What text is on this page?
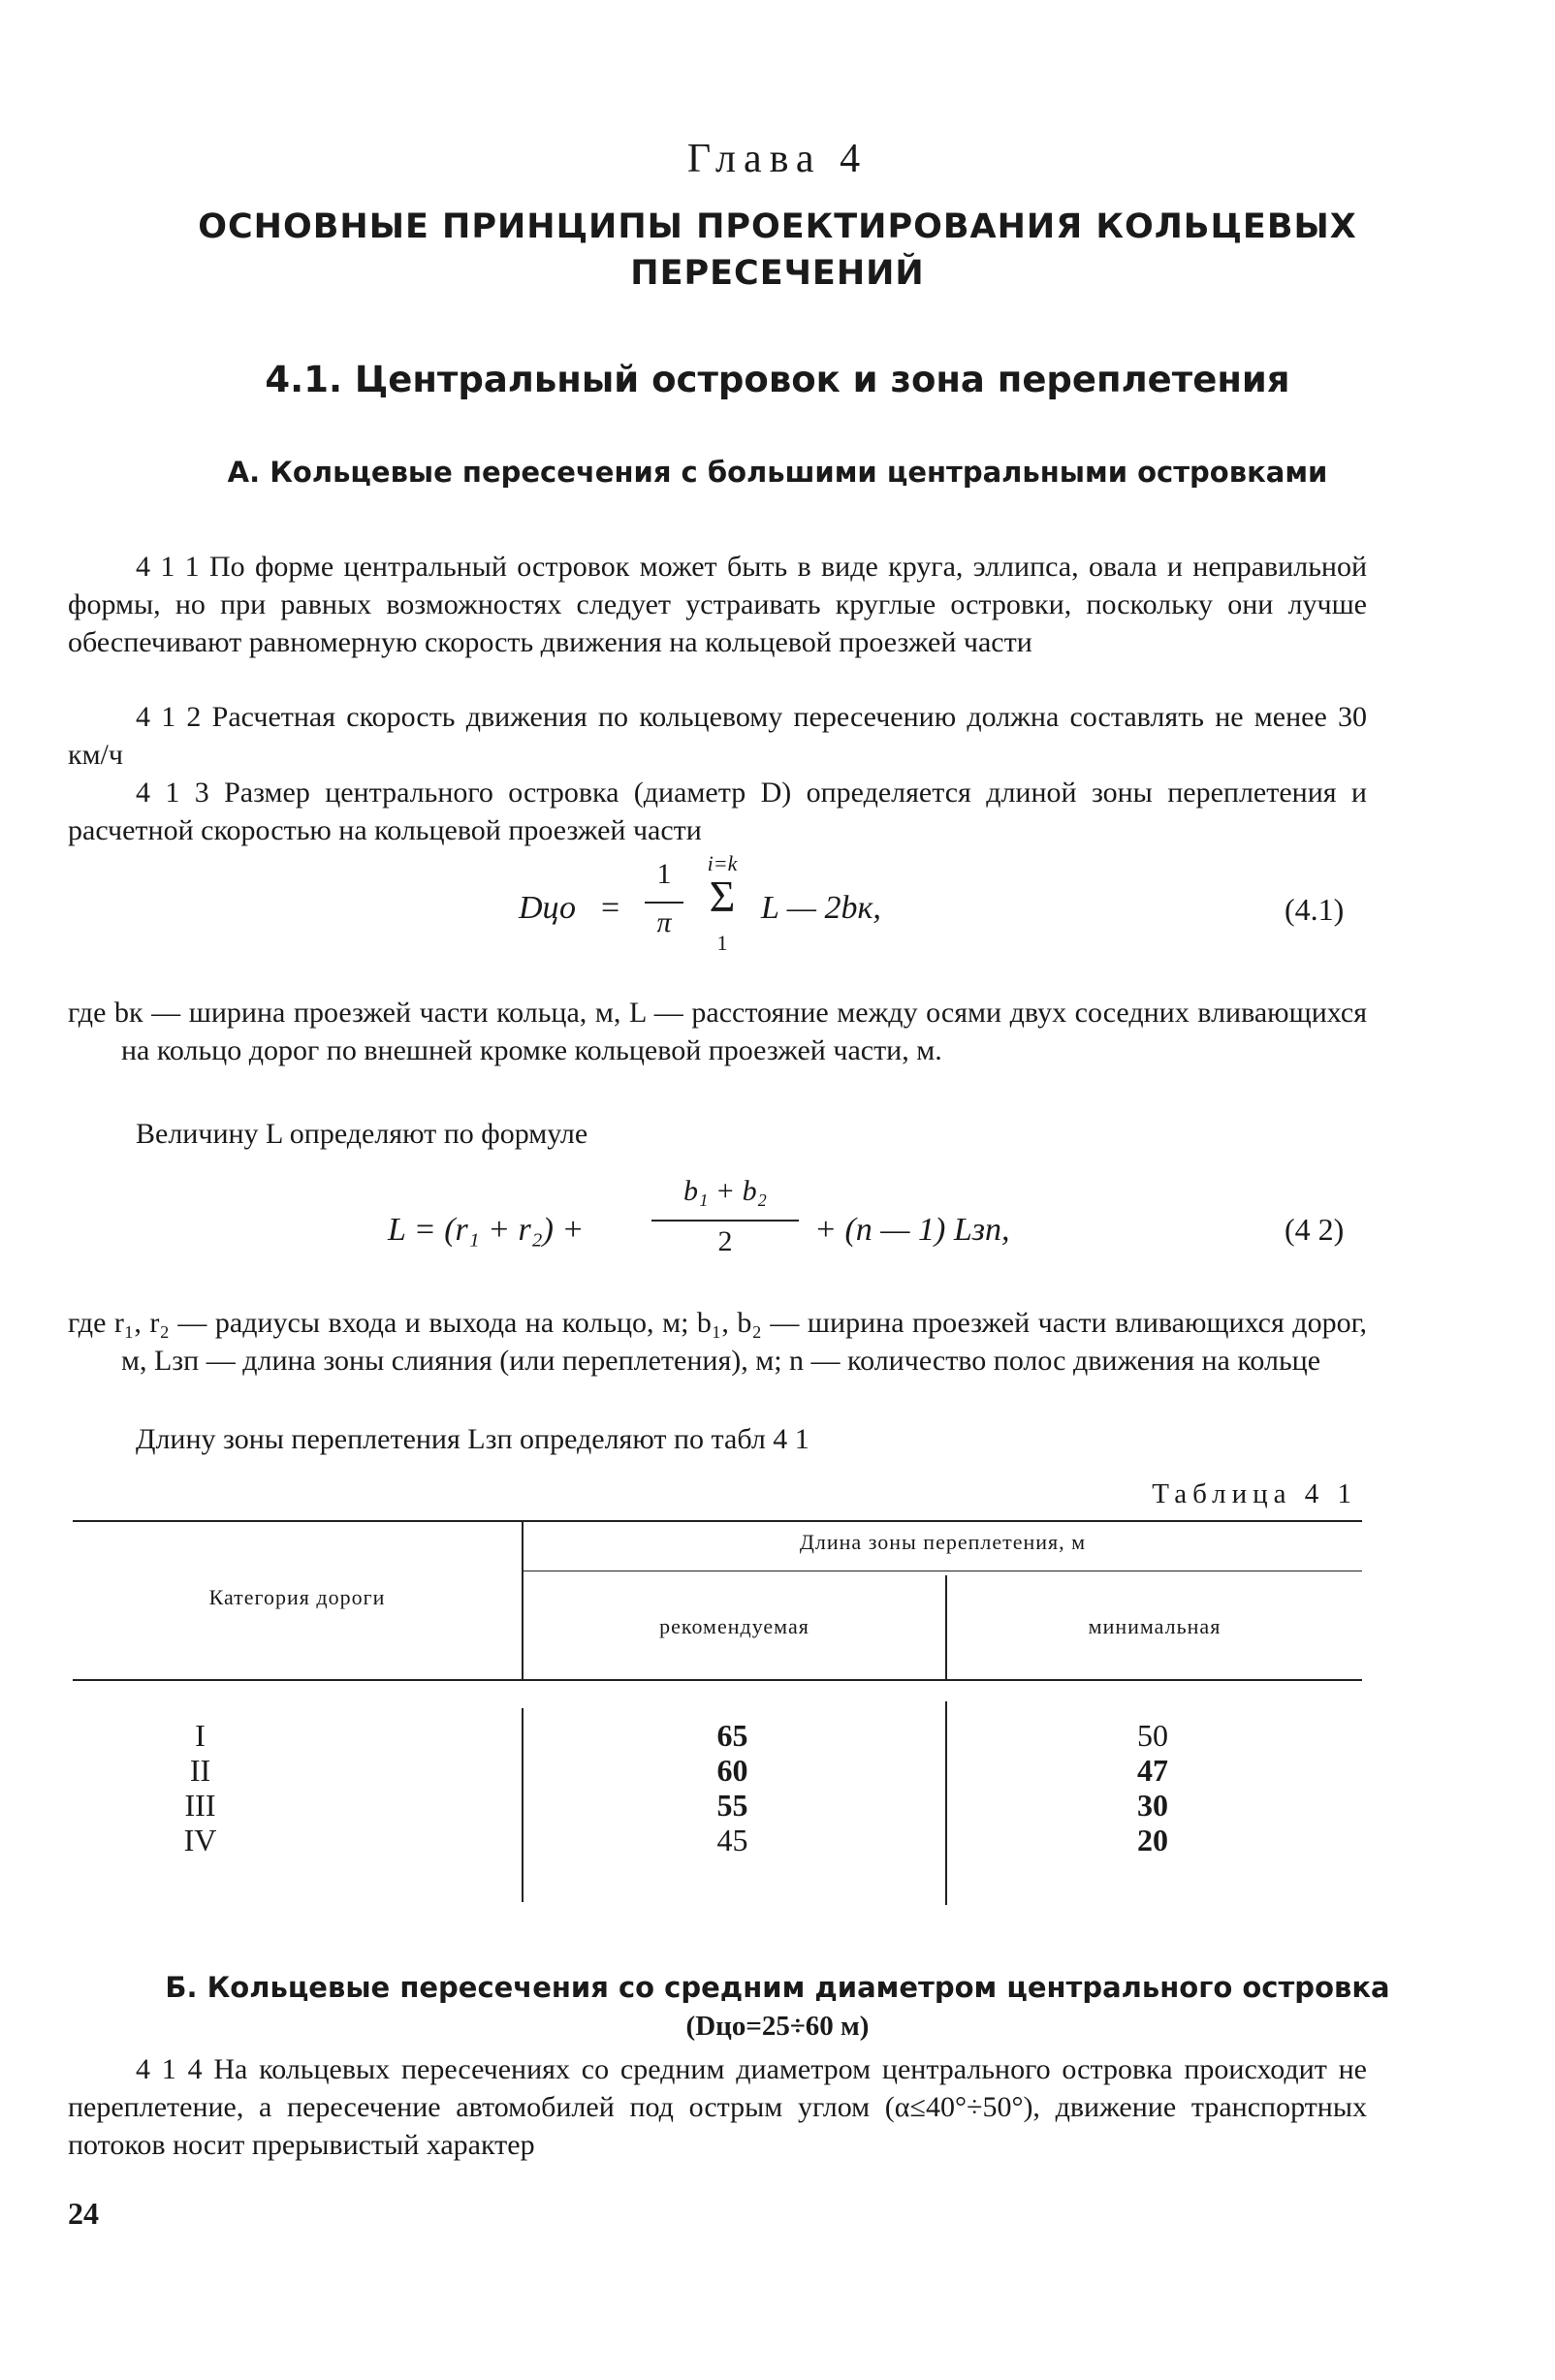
Глава 4
ОСНОВНЫЕ ПРИНЦИПЫ ПРОЕКТИРОВАНИЯ КОЛЬЦЕВЫХ
ПЕРЕСЕЧЕНИЙ
4.1. Центральный островок и зона переплетения
А. Кольцевые пересечения с большими центральными островками
4 1 1 По форме центральный островок может быть в виде круга, эллипса, овала и неправильной формы, но при равных возможностях следует устраивать круглые островки, поскольку они лучше обеспечивают равномерную скорость движения на кольцевой проезжей части
4 1 2 Расчетная скорость движения по кольцевому пересечению должна составлять не менее 30 км/ч
4 1 3 Размер центрального островка (диаметр D) определяется длиной зоны переплетения и расчетной скоростью на кольцевой проезжей части
Dцо =
1
π
i=k
Σ
1
L — 2bк,	(4.1)
где bк — ширина проезжей части кольца, м, L — расстояние между осями двух соседних вливающихся на кольцо дорог по внешней кромке кольцевой проезжей части, м.
Величину L определяют по формуле
L = (r₁ + r₂) +
b₁ + b₂
2	+ (n — 1) Lзп,	(4 2)
где r₁, r₂ — радиусы входа и выхода на кольцо, м; b₁, b₂ — ширина проезжей части вливающихся дорог, м, Lзп — длина зоны слияния (или переплетения), м; n — количество полос движения на кольце
Длину зоны переплетения Lзп определяют по табл 4 1
Таблица 4 1
Категория дороги
Длина зоны переплетения, м
рекомендуемая	минимальная
I	65	50
II	60	47
III	55	30
IV	45	20
Б. Кольцевые пересечения со средним диаметром центрального островка
(Dцо=25÷60 м)
4 1 4 На кольцевых пересечениях со средним диаметром центрального островка происходит не переплетение, а пересечение автомобилей под острым углом (α≤40°÷50°), движение транспортных потоков носит прерывистый характер
24
